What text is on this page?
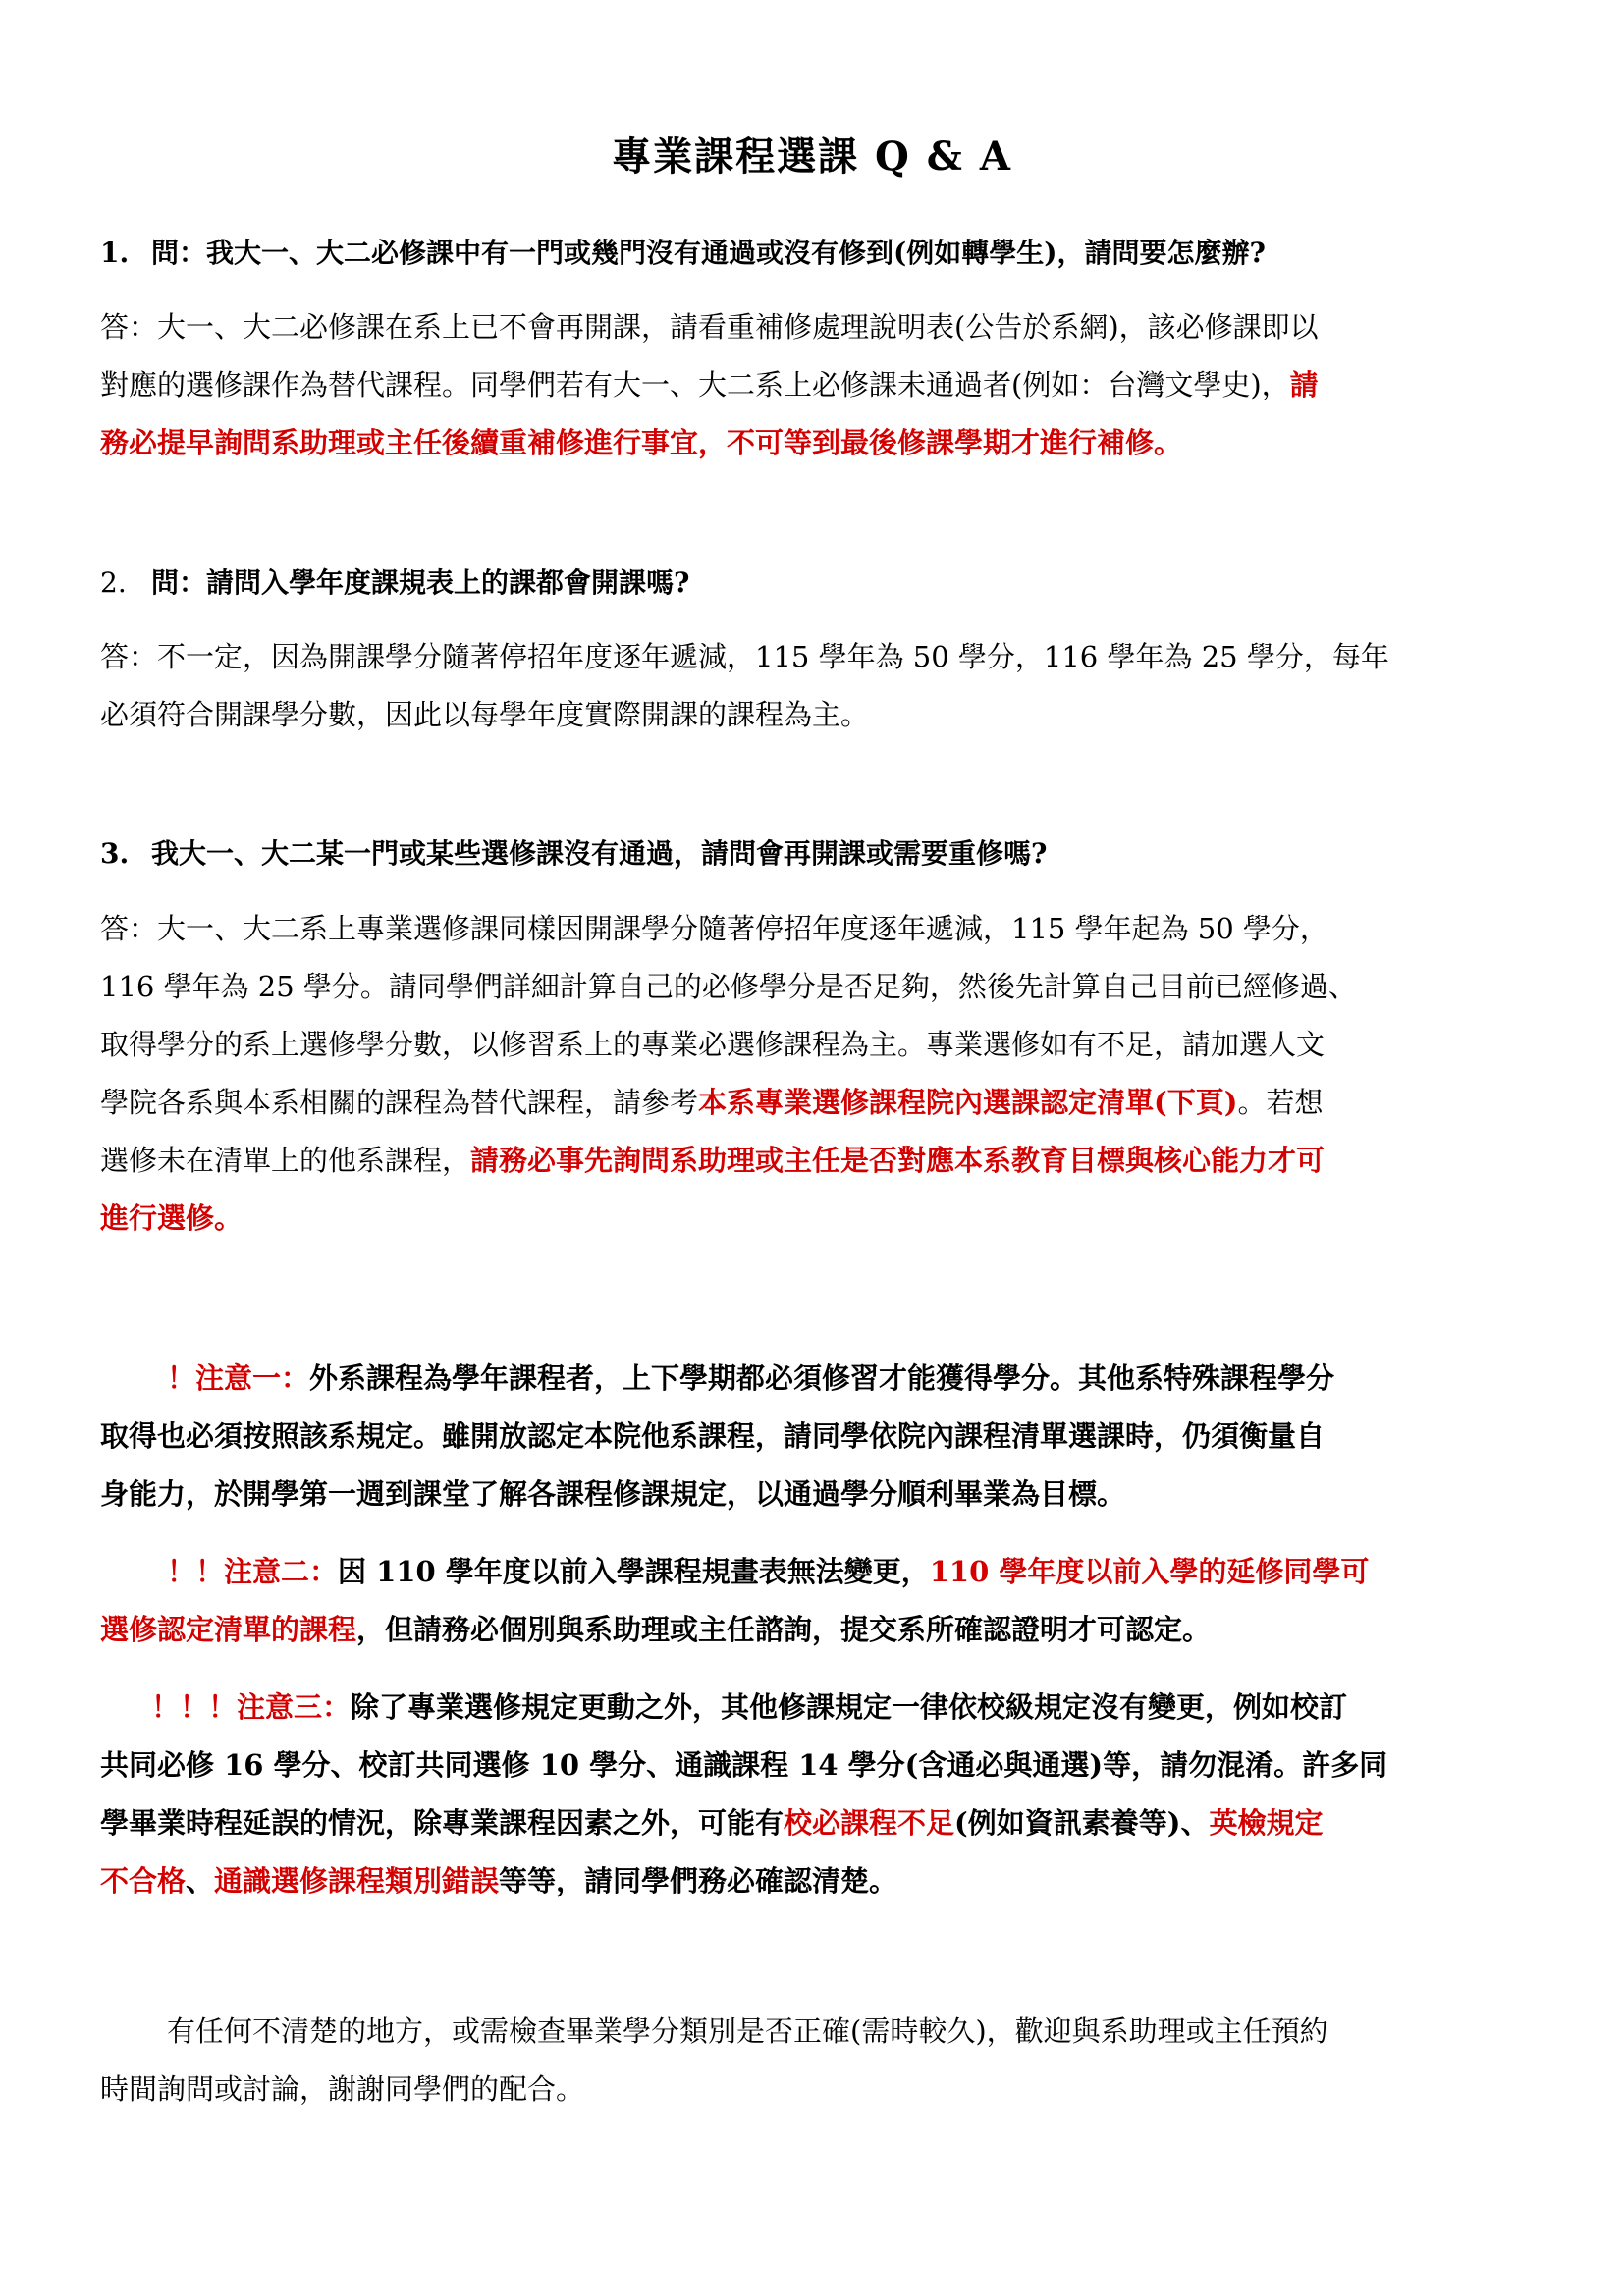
專業課程選課 Q & A
1. 問：我大一、大二必修課中有一門或幾門沒有通過或沒有修到(例如轉學生)，請問要怎麼辦?
答：大一、大二必修課在系上已不會再開課，請看重補修處理說明表(公告於系網)，該必修課即以
對應的選修課作為替代課程。同學們若有大一、大二系上必修課未通過者(例如：台灣文學史)，請
務必提早詢問系助理或主任後續重補修進行事宜，不可等到最後修課學期才進行補修。
2. 問：請問入學年度課規表上的課都會開課嗎?
答：不一定，因為開課學分隨著停招年度逐年遞減，115 學年為 50 學分，116 學年為 25 學分，每年
必須符合開課學分數，因此以每學年度實際開課的課程為主。
3. 我大一、大二某一門或某些選修課沒有通過，請問會再開課或需要重修嗎?
答：大一、大二系上專業選修課同樣因開課學分隨著停招年度逐年遞減，115 學年起為 50 學分，
116 學年為 25 學分。請同學們詳細計算自己的必修學分是否足夠，然後先計算自己目前已經修過、
取得學分的系上選修學分數，以修習系上的專業必選修課程為主。專業選修如有不足，請加選人文
學院各系與本系相關的課程為替代課程，請參考本系專業選修課程院內選課認定清單(下頁)。若想
選修未在清單上的他系課程，請務必事先詢問系助理或主任是否對應本系教育目標與核心能力才可
進行選修。
！注意一：外系課程為學年課程者，上下學期都必須修習才能獲得學分。其他系特殊課程學分
取得也必須按照該系規定。雖開放認定本院他系課程，請同學依院內課程清單選課時，仍須衡量自
身能力，於開學第一週到課堂了解各課程修課規定，以通過學分順利畢業為目標。
！！注意二：因 110 學年度以前入學課程規畫表無法變更，110 學年度以前入學的延修同學可
選修認定清單的課程，但請務必個別與系助理或主任諮詢，提交系所確認證明才可認定。
！！！注意三：除了專業選修規定更動之外，其他修課規定一律依校級規定沒有變更，例如校訂
共同必修 16 學分、校訂共同選修 10 學分、通識課程 14 學分(含通必與通選)等，請勿混淆。許多同
學畢業時程延誤的情況，除專業課程因素之外，可能有校必課程不足(例如資訊素養等)、英檢規定
不合格、通識選修課程類別錯誤等等，請同學們務必確認清楚。
有任何不清楚的地方，或需檢查畢業學分類別是否正確(需時較久)，歡迎與系助理或主任預約
時間詢問或討論，謝謝同學們的配合。
